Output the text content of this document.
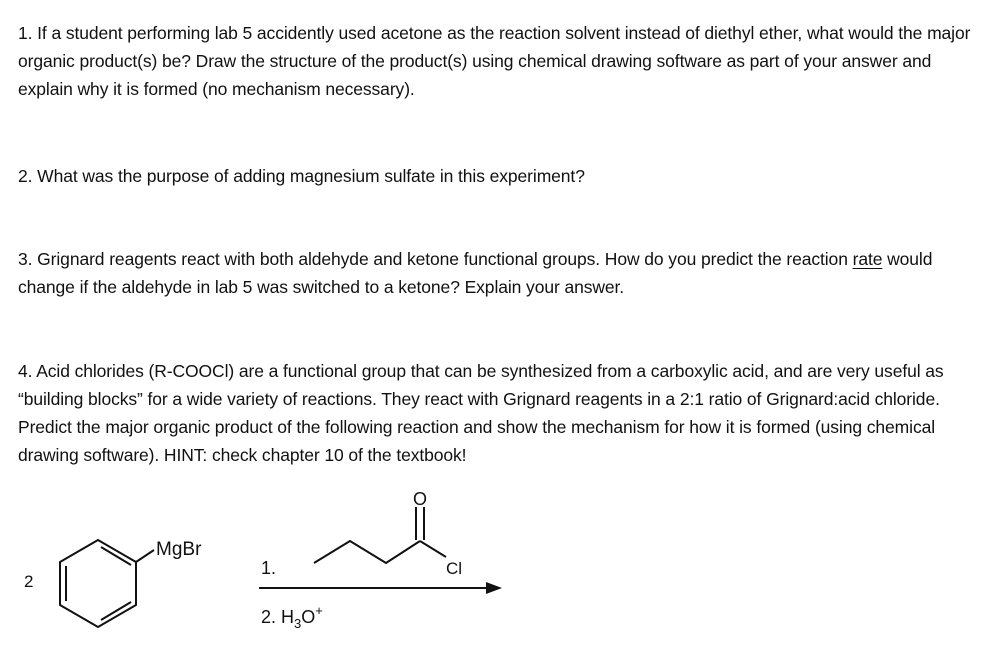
1. If a student performing lab 5 accidently used acetone as the reaction solvent instead of diethyl ether, what would the major organic product(s) be? Draw the structure of the product(s) using chemical drawing software as part of your answer and explain why it is formed (no mechanism necessary).
2. What was the purpose of adding magnesium sulfate in this experiment?
3. Grignard reagents react with both aldehyde and ketone functional groups. How do you predict the reaction rate would change if the aldehyde in lab 5 was switched to a ketone? Explain your answer.
4. Acid chlorides (R-COOCl) are a functional group that can be synthesized from a carboxylic acid, and are very useful as “building blocks” for a wide variety of reactions. They react with Grignard reagents in a 2:1 ratio of Grignard:acid chloride. Predict the major organic product of the following reaction and show the mechanism for how it is formed (using chemical drawing software). HINT: check chapter 10 of the textbook!
2
MgBr
1.
O
Cl
2. $H_3O^+$
